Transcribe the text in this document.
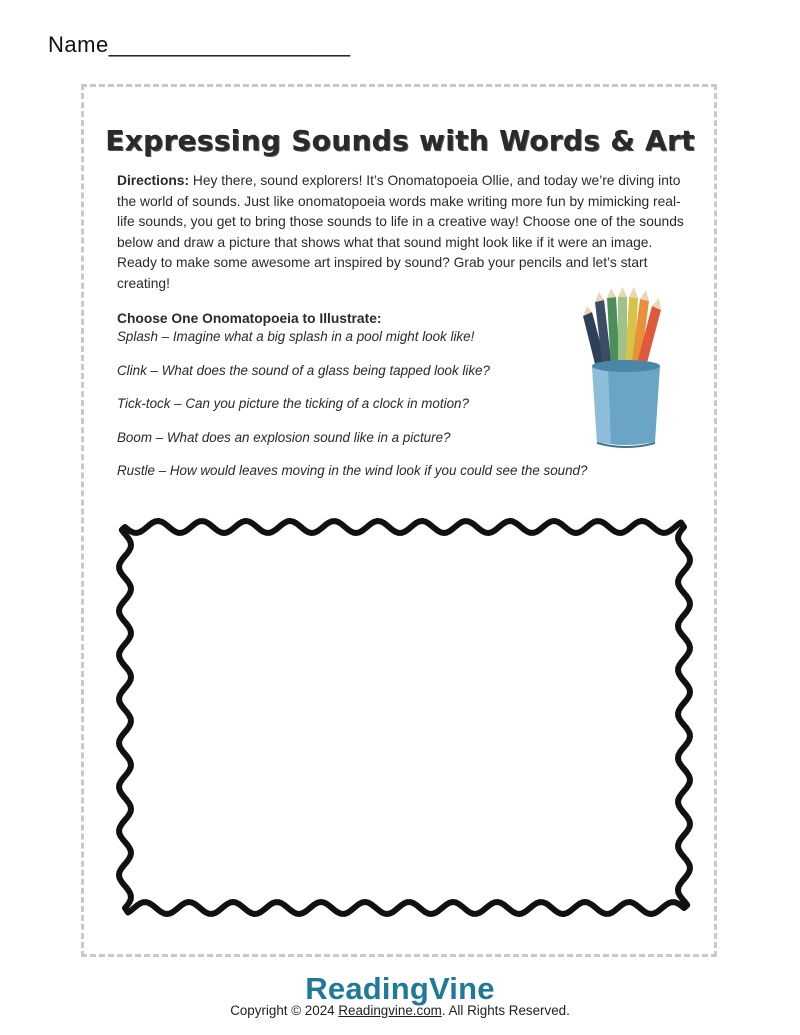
Name___________________
Expressing Sounds with Words & Art
Directions: Hey there, sound explorers! It’s Onomatopoeia Ollie, and today we’re diving into the world of sounds. Just like onomatopoeia words make writing more fun by mimicking real-life sounds, you get to bring those sounds to life in a creative way! Choose one of the sounds below and draw a picture that shows what that sound might look like if it were an image. Ready to make some awesome art inspired by sound? Grab your pencils and let’s start creating!
Choose One Onomatopoeia to Illustrate:
Splash – Imagine what a big splash in a pool might look like!
Clink – What does the sound of a glass being tapped look like?
Tick-tock – Can you picture the ticking of a clock in motion?
Boom – What does an explosion sound like in a picture?
Rustle – How would leaves moving in the wind look if you could see the sound?
ReadingVine
Copyright © 2024 Readingvine.com. All Rights Reserved.
